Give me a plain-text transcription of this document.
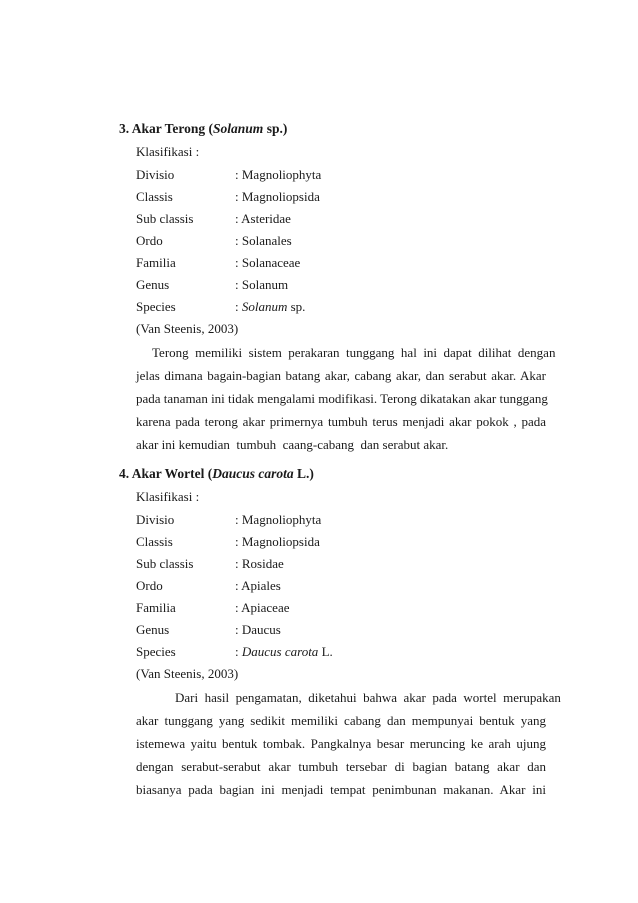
3. Akar Terong (Solanum sp.)
Klasifikasi :
Divisio	: Magnoliophyta
Classis	: Magnoliopsida
Sub classis	: Asteridae
Ordo	: Solanales
Familia	: Solanaceae
Genus	: Solanum
Species	: Solanum sp.
(Van Steenis, 2003)
Terong  memiliki  sistem  perakaran  tunggang  hal  ini  dapat  dilihat  dengan
jelas dimana bagain-bagian batang akar, cabang akar, dan serabut akar. Akar
pada tanaman ini tidak mengalami modifikasi. Terong dikatakan akar tunggang
karena pada terong akar primernya tumbuh terus menjadi akar pokok , pada
akar ini kemudian  tumbuh  caang-cabang  dan serabut akar.
4. Akar Wortel (Daucus carota L.)
Klasifikasi :
Divisio	: Magnoliophyta
Classis	: Magnoliopsida
Sub classis	: Rosidae
Ordo	: Apiales
Familia	: Apiaceae
Genus	: Daucus
Species	: Daucus carota L.
(Van Steenis, 2003)
Dari  hasil  pengamatan,  diketahui  bahwa  akar  pada  wortel  merupakan
akar tunggang yang sedikit memiliki cabang dan mempunyai bentuk yang
istemewa yaitu bentuk tombak. Pangkalnya besar meruncing ke arah ujung
dengan serabut-serabut akar tumbuh tersebar di bagian batang akar dan
biasanya pada bagian ini menjadi tempat penimbunan makanan. Akar ini
